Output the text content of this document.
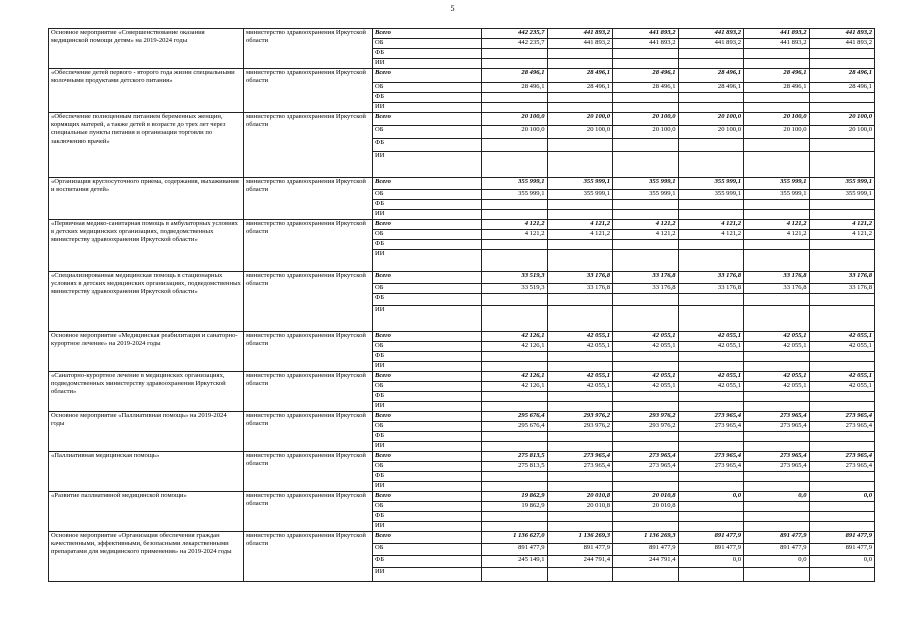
5
Основное мероприятие «Совершенствование оказания медицинской помощи детям» на 2019-2024 годы	министерство здравоохранения Иркутской области	Всего	442 235,7	441 893,2	441 893,2	441 893,2	441 893,2	441 893,2
		ОБ	442 235,7	441 893,2	441 893,2	441 893,2	441 893,2	441 893,2
		ФБ						
		ИИ						
«Обеспечение детей первого - второго года жизни специальными молочными продуктами детского питания»	министерство здравоохранения Иркутской области	Всего	28 496,1	28 496,1	28 496,1	28 496,1	28 496,1	28 496,1
		ОБ	28 496,1	28 496,1	28 496,1	28 496,1	28 496,1	28 496,1
		ФБ						
		ИИ						
«Обеспечение полноценным питанием беременных женщин, кормящих матерей, а также детей в возрасте до трех лет через специальные пункты питания и организации торговли по заключению врачей»	министерство здравоохранения Иркутской области	Всего	20 100,0	20 100,0	20 100,0	20 100,0	20 100,0	20 100,0
		ОБ	20 100,0	20 100,0	20 100,0	20 100,0	20 100,0	20 100,0
		ФБ						
		ИИ						
«Организация круглосуточного приема, содержания, выхаживания и воспитания детей»	министерство здравоохранения Иркутской области	Всего	355 999,1	355 999,1	355 999,1	355 999,1	355 999,1	355 999,1
		ОБ	355 999,1	355 999,1	355 999,1	355 999,1	355 999,1	355 999,1
		ФБ						
		ИИ						
«Первичная медико-санитарная помощь в амбулаторных условиях в детских медицинских организациях, подведомственных министерству здравоохранения Иркутской области»	министерство здравоохранения Иркутской области	Всего	4 121,2	4 121,2	4 121,2	4 121,2	4 121,2	4 121,2
		ОБ	4 121,2	4 121,2	4 121,2	4 121,2	4 121,2	4 121,2
		ФБ						
		ИИ						
«Специализированная медицинская помощь в стационарных условиях в детских медицинских организациях, подведомственных министерству здравоохранения Иркутской области»	министерство здравоохранения Иркутской области	Всего	33 519,3	33 176,8	33 176,8	33 176,8	33 176,8	33 176,8
		ОБ	33 519,3	33 176,8	33 176,8	33 176,8	33 176,8	33 176,8
		ФБ						
		ИИ						
Основное мероприятие «Медицинская реабилитация и санаторно-курортное лечение» на 2019-2024 годы	министерство здравоохранения Иркутской области	Всего	42 126,1	42 055,1	42 055,1	42 055,1	42 055,1	42 055,1
		ОБ	42 126,1	42 055,1	42 055,1	42 055,1	42 055,1	42 055,1
		ФБ						
		ИИ						
«Санаторно-курортное лечение в медицинских организациях, подведомственных министерству здравоохранения Иркутской области»	министерство здравоохранения Иркутской области	Всего	42 126,1	42 055,1	42 055,1	42 055,1	42 055,1	42 055,1
		ОБ	42 126,1	42 055,1	42 055,1	42 055,1	42 055,1	42 055,1
		ФБ						
		ИИ						
Основное мероприятие «Паллиативная помощь» на 2019-2024 годы	министерство здравоохранения Иркутской области	Всего	295 676,4	293 976,2	293 976,2	273 965,4	273 965,4	273 965,4
		ОБ	295 676,4	293 976,2	293 976,2	273 965,4	273 965,4	273 965,4
		ФБ						
		ИИ						
«Паллиативная медицинская помощь»	министерство здравоохранения Иркутской области	Всего	275 813,5	273 965,4	273 965,4	273 965,4	273 965,4	273 965,4
		ОБ	275 813,5	273 965,4	273 965,4	273 965,4	273 965,4	273 965,4
		ФБ						
		ИИ						
«Развитие паллиативной медицинской помощи»	министерство здравоохранения Иркутской области	Всего	19 862,9	20 010,8	20 010,8	0,0	0,0	0,0
		ОБ	19 862,9	20 010,8	20 010,8			
		ФБ						
		ИИ						
Основное мероприятие «Организация обеспечения граждан качественными, эффективными, безопасными лекарственными препаратами для медицинского применения» на 2019-2024 годы	министерство здравоохранения Иркутской области	Всего	1 136 627,0	1 136 269,3	1 136 269,3	891 477,9	891 477,9	891 477,9
		ОБ	891 477,9	891 477,9	891 477,9	891 477,9	891 477,9	891 477,9
		ФБ	245 149,1	244 791,4	244 791,4	0,0	0,0	0,0
		ИИ						
